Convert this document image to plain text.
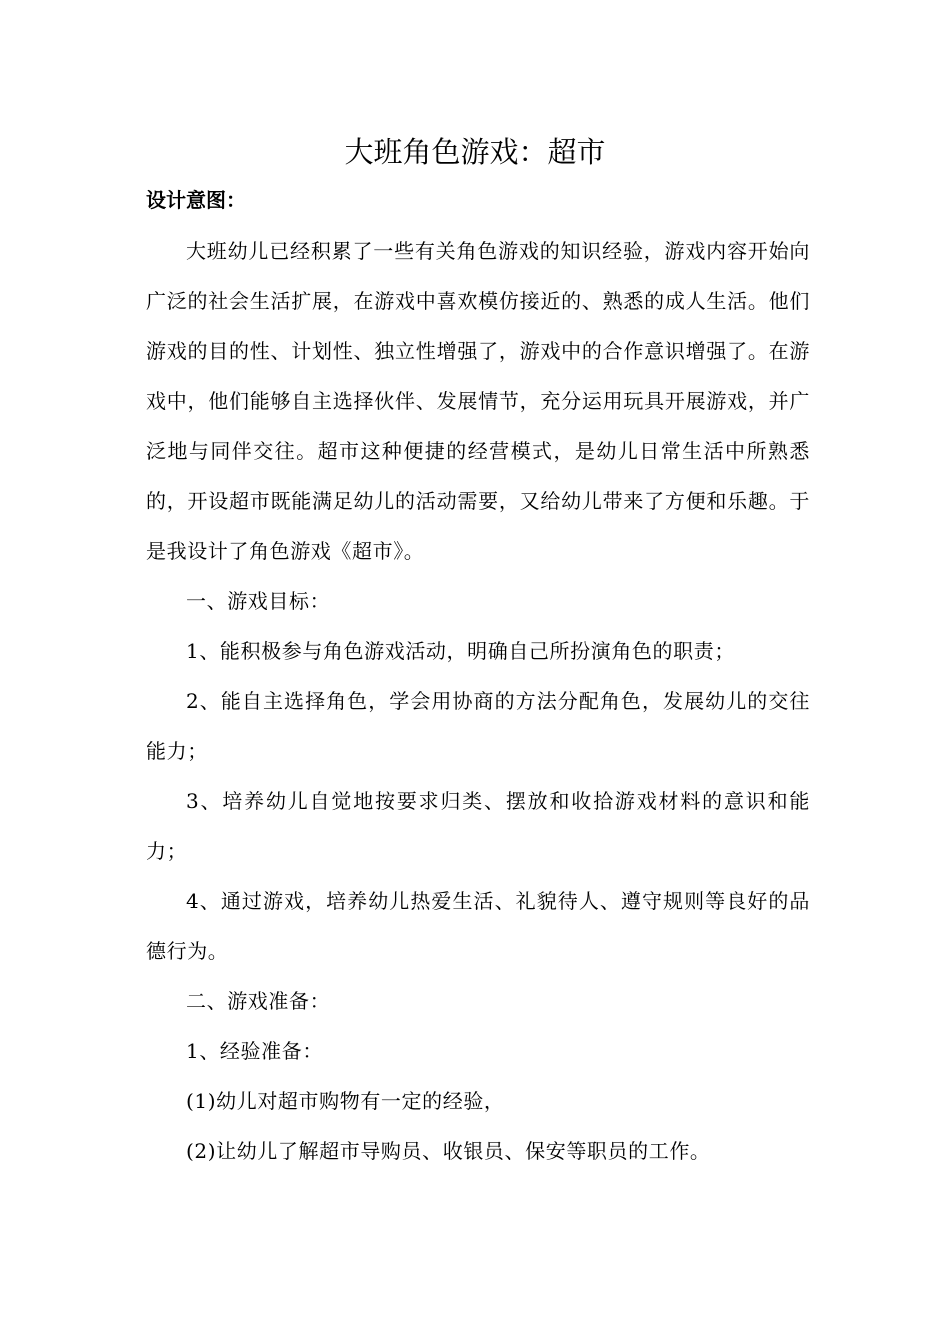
大班角色游戏：超市
设计意图：

大班幼儿已经积累了一些有关角色游戏的知识经验，游戏内容开始向广泛的社会生活扩展，在游戏中喜欢模仿接近的、熟悉的成人生活。他们游戏的目的性、计划性、独立性增强了，游戏中的合作意识增强了。在游戏中，他们能够自主选择伙伴、发展情节，充分运用玩具开展游戏，并广泛地与同伴交往。超市这种便捷的经营模式，是幼儿日常生活中所熟悉的，开设超市既能满足幼儿的活动需要，又给幼儿带来了方便和乐趣。于是我设计了角色游戏《超市》。

一、游戏目标：

1、能积极参与角色游戏活动，明确自己所扮演角色的职责；

2、能自主选择角色，学会用协商的方法分配角色，发展幼儿的交往能力；

3、培养幼儿自觉地按要求归类、摆放和收拾游戏材料的意识和能力；

4、通过游戏，培养幼儿热爱生活、礼貌待人、遵守规则等良好的品德行为。

二、游戏准备：

1、经验准备：

(1)幼儿对超市购物有一定的经验，

(2)让幼儿了解超市导购员、收银员、保安等职员的工作。
